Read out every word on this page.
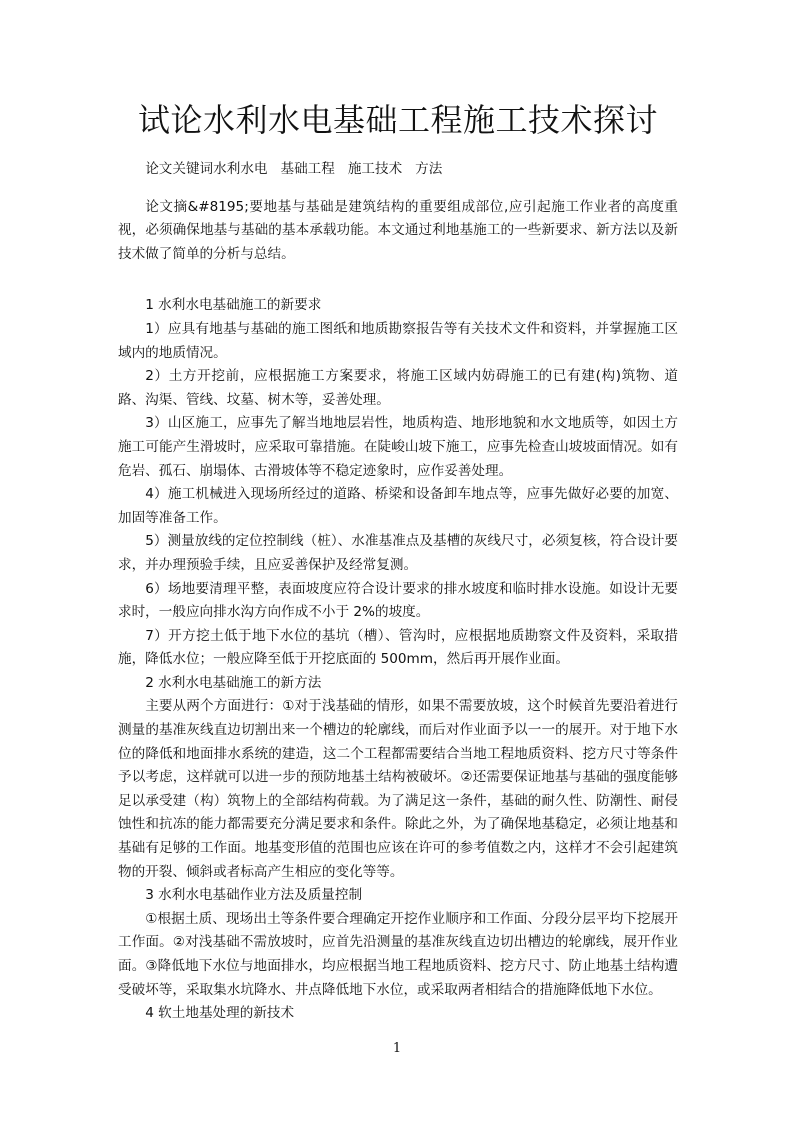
试论水利水电基础工程施工技术探讨

论文关键词水利水电   基础工程   施工技术   方法

论文摘&#8195;要地基与基础是建筑结构的重要组成部位,应引起施工作业者的高度重视，必须确保地基与基础的基本承载功能。本文通过利地基施工的一些新要求、新方法以及新技术做了简单的分析与总结。

1 水利水电基础施工的新要求

1）应具有地基与基础的施工图纸和地质勘察报告等有关技术文件和资料，并掌握施工区域内的地质情况。

2）土方开挖前，应根据施工方案要求，将施工区域内妨碍施工的已有建(构)筑物、道路、沟渠、管线、坟墓、树木等，妥善处理。

3）山区施工，应事先了解当地地层岩性，地质构造、地形地貌和水文地质等，如因土方施工可能产生滑坡时，应采取可靠措施。在陡峻山坡下施工，应事先检查山坡坡面情况。如有危岩、孤石、崩塌体、古滑坡体等不稳定迹象时，应作妥善处理。

4）施工机械进入现场所经过的道路、桥梁和设备卸车地点等，应事先做好必要的加宽、加固等准备工作。

5）测量放线的定位控制线（桩）、水准基准点及基槽的灰线尺寸，必须复核，符合设计要求，并办理预验手续，且应妥善保护及经常复测。

6）场地要清理平整，表面坡度应符合设计要求的排水坡度和临时排水设施。如设计无要求时，一般应向排水沟方向作成不小于 2%的坡度。

7）开方挖土低于地下水位的基坑（槽）、管沟时，应根据地质勘察文件及资料，采取措施，降低水位；一般应降至低于开挖底面的 500mm，然后再开展作业面。

2 水利水电基础施工的新方法

主要从两个方面进行：①对于浅基础的情形，如果不需要放坡，这个时候首先要沿着进行测量的基准灰线直边切割出来一个槽边的轮廓线，而后对作业面予以一一的展开。对于地下水位的降低和地面排水系统的建造，这二个工程都需要结合当地工程地质资料、挖方尺寸等条件予以考虑，这样就可以进一步的预防地基土结构被破坏。②还需要保证地基与基础的强度能够足以承受建（构）筑物上的全部结构荷载。为了满足这一条件，基础的耐久性、防潮性、耐侵蚀性和抗冻的能力都需要充分满足要求和条件。除此之外，为了确保地基稳定，必须让地基和基础有足够的工作面。地基变形值的范围也应该在许可的参考值数之内，这样才不会引起建筑物的开裂、倾斜或者标高产生相应的变化等等。

3 水利水电基础作业方法及质量控制

①根据土质、现场出土等条件要合理确定开挖作业顺序和工作面、分段分层平均下挖展开工作面。②对浅基础不需放坡时，应首先沿测量的基准灰线直边切出槽边的轮廓线，展开作业面。③降低地下水位与地面排水，均应根据当地工程地质资料、挖方尺寸、防止地基土结构遭受破坏等，采取集水坑降水、井点降低地下水位，或采取两者相结合的措施降低地下水位。

4 软土地基处理的新技术

1
